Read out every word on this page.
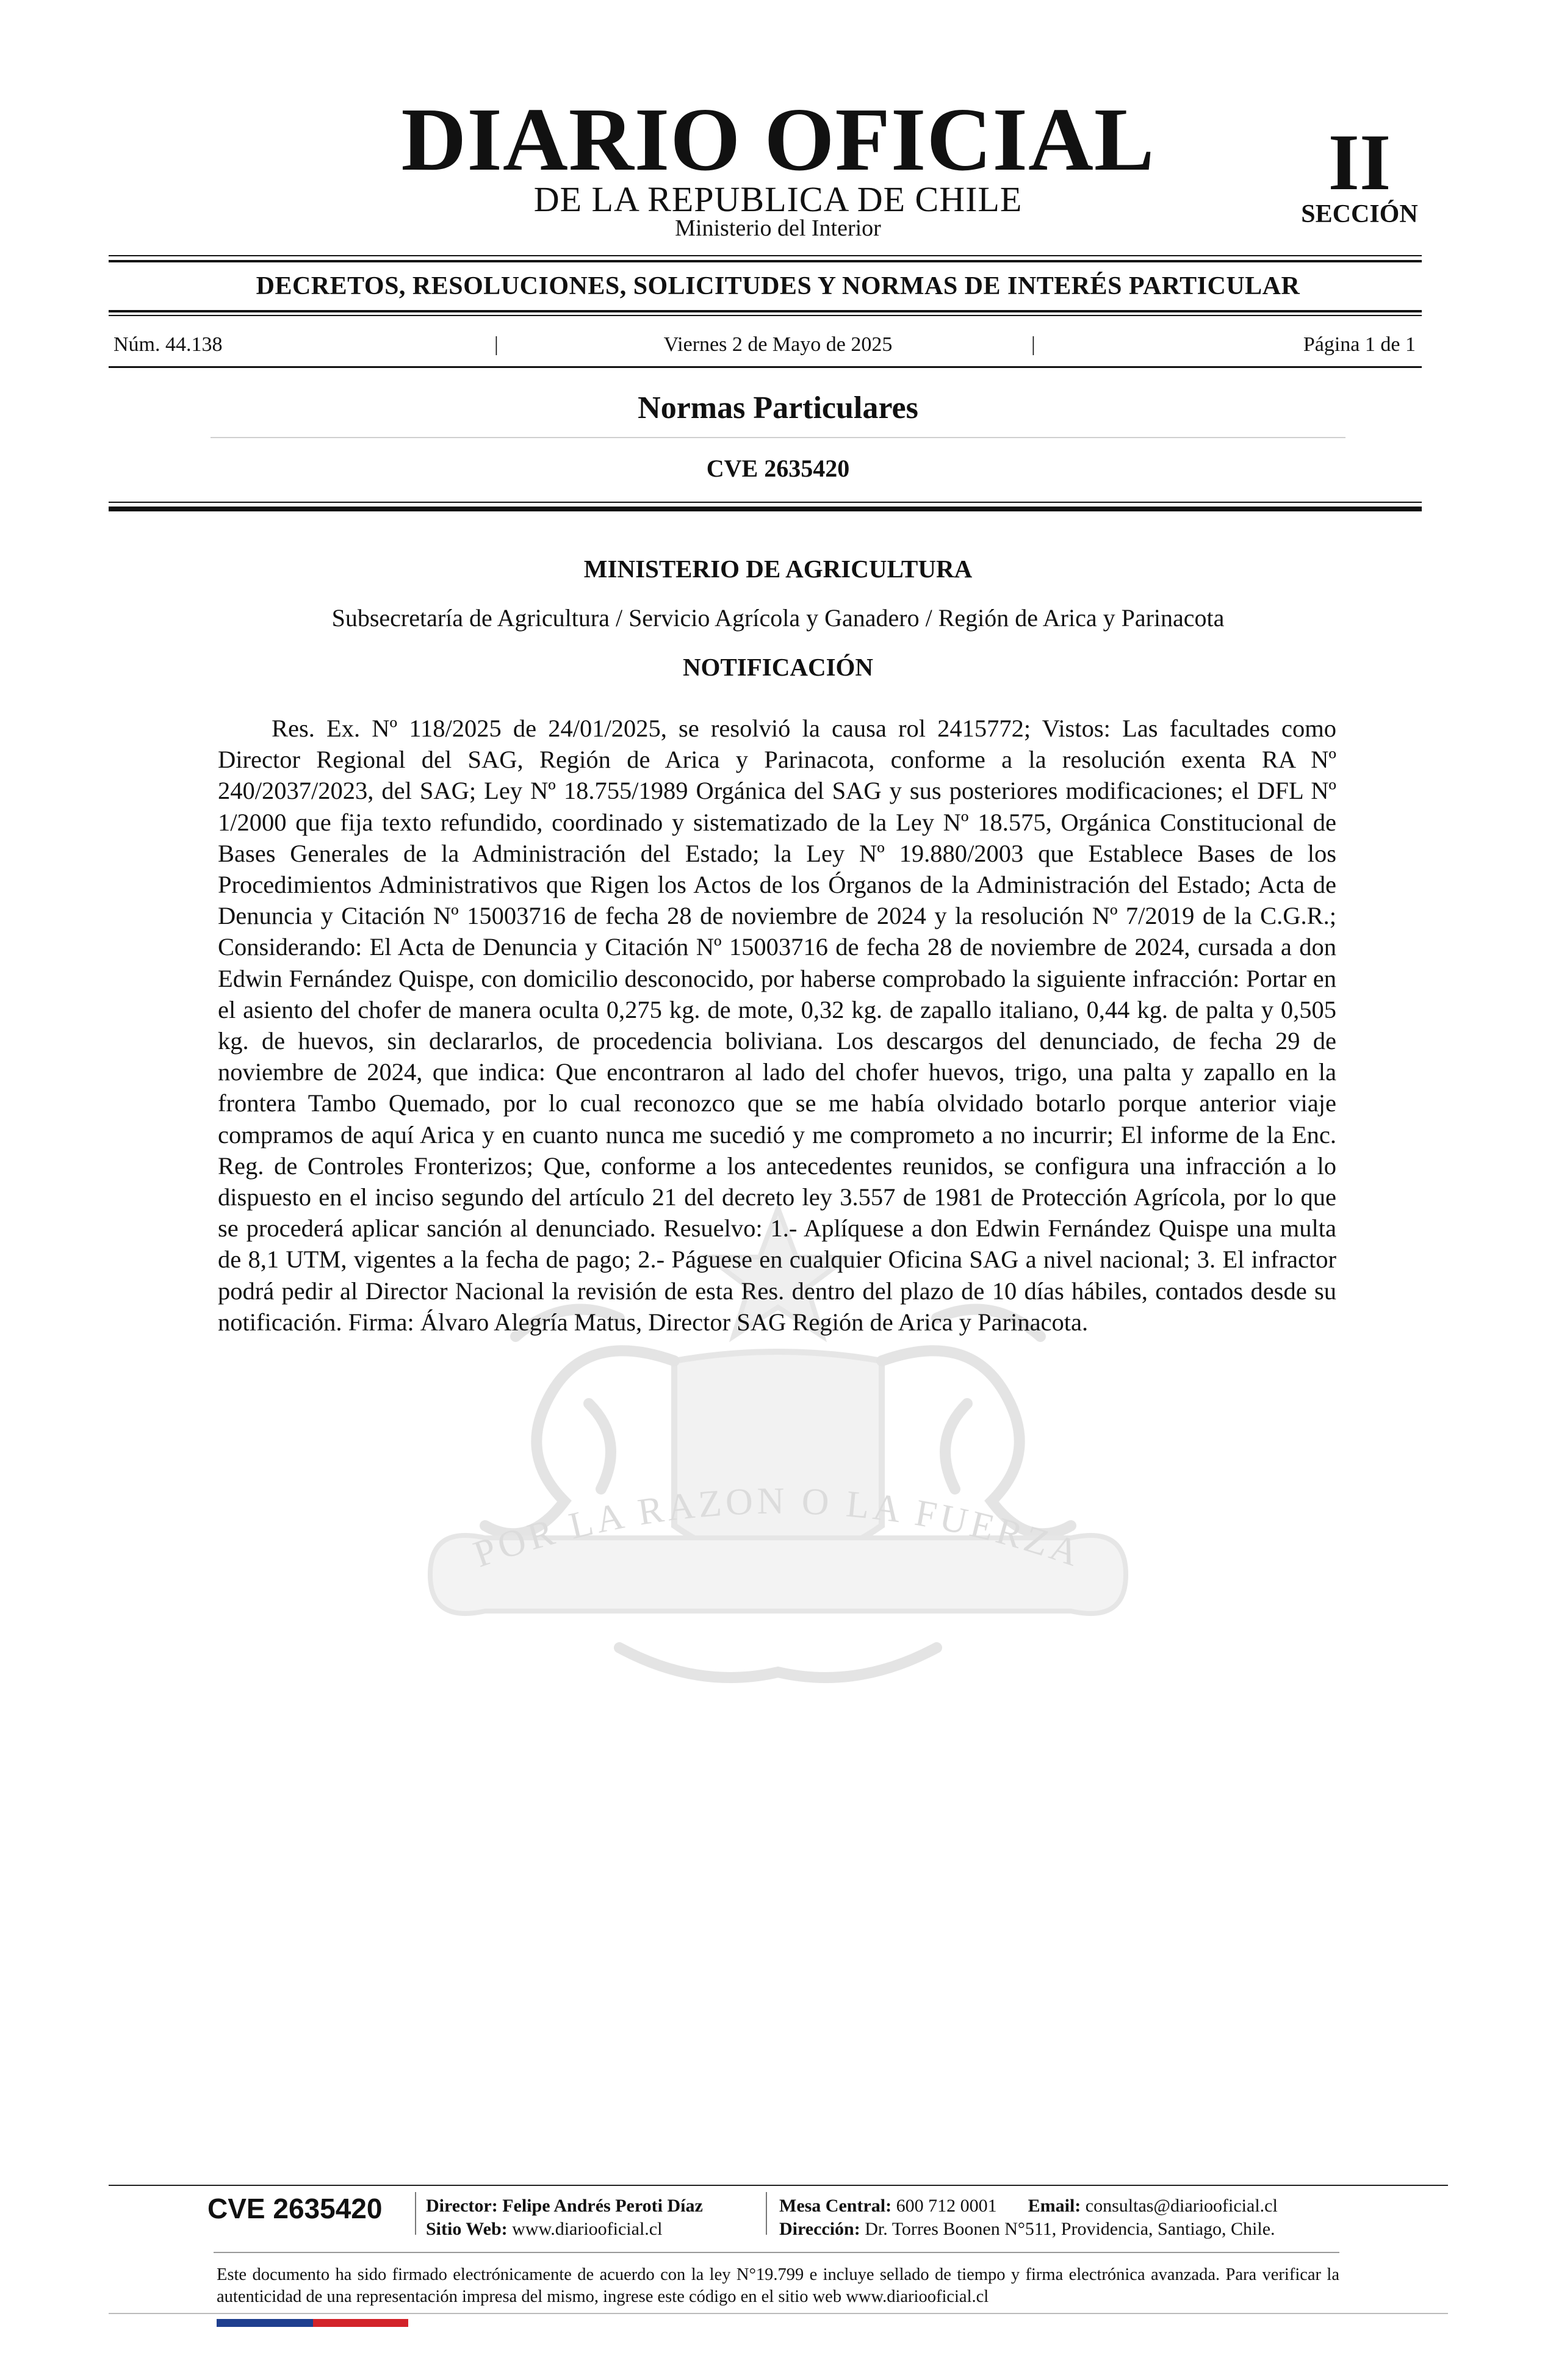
DIARIO OFICIAL
DE LA REPUBLICA DE CHILE
Ministerio del Interior
II
SECCIÓN
DECRETOS, RESOLUCIONES, SOLICITUDES Y NORMAS DE INTERÉS PARTICULAR
Núm. 44.138	|	Viernes 2 de Mayo de 2025	|	Página 1 de 1
Normas Particulares
CVE 2635420
POR LA RAZON O LA FUERZA
MINISTERIO DE AGRICULTURA
Subsecretaría de Agricultura / Servicio Agrícola y Ganadero / Región de Arica y Parinacota
NOTIFICACIÓN

Res. Ex. Nº 118/2025 de 24/01/2025, se resolvió la causa rol 2415772; Vistos: Las facultades como Director Regional del SAG, Región de Arica y Parinacota, conforme a la resolución exenta RA Nº 240/2037/2023, del SAG; Ley Nº 18.755/1989 Orgánica del SAG y sus posteriores modificaciones; el DFL Nº 1/2000 que fija texto refundido, coordinado y sistematizado de la Ley Nº 18.575, Orgánica Constitucional de Bases Generales de la Administración del Estado; la Ley Nº 19.880/2003 que Establece Bases de los Procedimientos Administrativos que Rigen los Actos de los Órganos de la Administración del Estado; Acta de Denuncia y Citación Nº 15003716 de fecha 28 de noviembre de 2024 y la resolución Nº 7/2019 de la C.G.R.; Considerando: El Acta de Denuncia y Citación Nº 15003716 de fecha 28 de noviembre de 2024, cursada a don Edwin Fernández Quispe, con domicilio desconocido, por haberse comprobado la siguiente infracción: Portar en el asiento del chofer de manera oculta 0,275 kg. de mote, 0,32 kg. de zapallo italiano, 0,44 kg. de palta y 0,505 kg. de huevos, sin declararlos, de procedencia boliviana. Los descargos del denunciado, de fecha 29 de noviembre de 2024, que indica: Que encontraron al lado del chofer huevos, trigo, una palta y zapallo en la frontera Tambo Quemado, por lo cual reconozco que se me había olvidado botarlo porque anterior viaje compramos de aquí Arica y en cuanto nunca me sucedió y me comprometo a no incurrir; El informe de la Enc. Reg. de Controles Fronterizos; Que, conforme a los antecedentes reunidos, se configura una infracción a lo dispuesto en el inciso segundo del artículo 21 del decreto ley 3.557 de 1981 de Protección Agrícola, por lo que se procederá aplicar sanción al denunciado. Resuelvo: 1.- Aplíquese a don Edwin Fernández Quispe una multa de 8,1 UTM, vigentes a la fecha de pago; 2.- Páguese en cualquier Oficina SAG a nivel nacional; 3. El infractor podrá pedir al Director Nacional la revisión de esta Res. dentro del plazo de 10 días hábiles, contados desde su notificación. Firma: Álvaro Alegría Matus, Director SAG Región de Arica y Parinacota.

CVE 2635420 Director: Felipe Andrés Peroti Díaz
Sitio Web: www.diariooficial.cl
Mesa Central: 600 712 0001 Email: consultas@diariooficial.cl
Dirección: Dr. Torres Boonen N°511, Providencia, Santiago, Chile.

Este documento ha sido firmado electrónicamente de acuerdo con la ley N°19.799 e incluye sellado de tiempo y firma electrónica avanzada. Para verificar la autenticidad de una representación impresa del mismo, ingrese este código en el sitio web www.diariooficial.cl
